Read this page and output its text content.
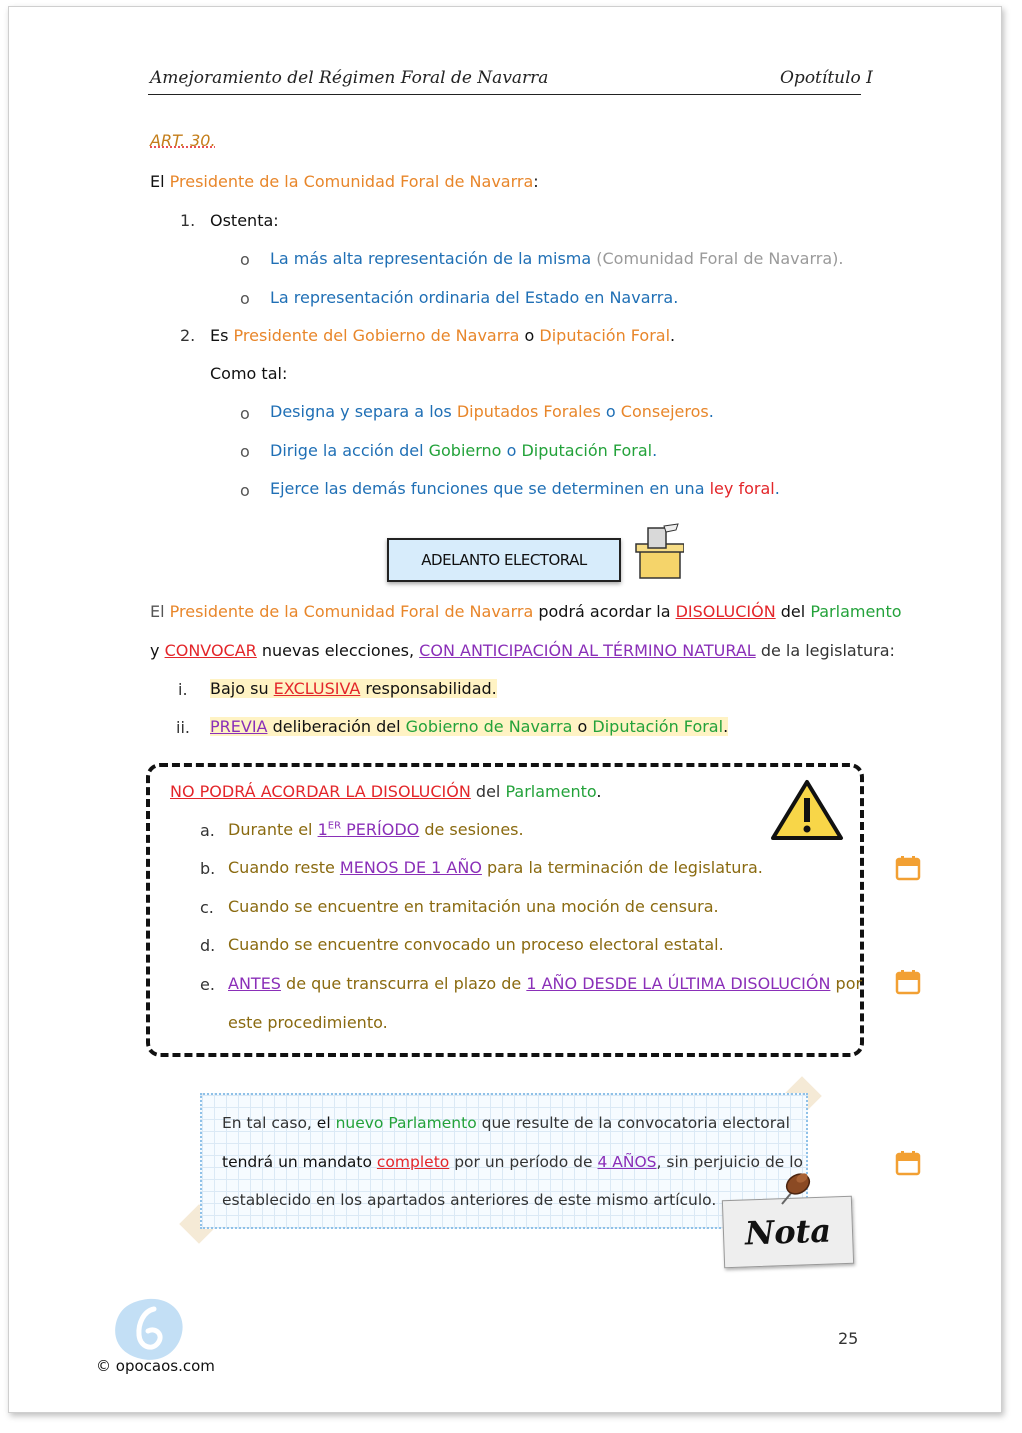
Amejoramiento del Régimen Foral de Navarra	Opotítulo I
ART. 30.
El Presidente de la Comunidad Foral de Navarra:
1. Ostenta:
o La más alta representación de la misma (Comunidad Foral de Navarra).
o La representación ordinaria del Estado en Navarra.
2. Es Presidente del Gobierno de Navarra o Diputación Foral.
Como tal:
o Designa y separa a los Diputados Forales o Consejeros.
o Dirige la acción del Gobierno o Diputación Foral.
o Ejerce las demás funciones que se determinen en una ley foral.
ADELANTO ELECTORAL
El Presidente de la Comunidad Foral de Navarra podrá acordar la DISOLUCIÓN del Parlamento
y CONVOCAR nuevas elecciones, CON ANTICIPACIÓN AL TÉRMINO NATURAL de la legislatura:
i. Bajo su EXCLUSIVA responsabilidad.
ii. PREVIA deliberación del Gobierno de Navarra o Diputación Foral.
NO PODRÁ ACORDAR LA DISOLUCIÓN del Parlamento.
a. Durante el 1ER PERÍODO de sesiones.
b. Cuando reste MENOS DE 1 AÑO para la terminación de legislatura.
c. Cuando se encuentre en tramitación una moción de censura.
d. Cuando se encuentre convocado un proceso electoral estatal.
e. ANTES de que transcurra el plazo de 1 AÑO DESDE LA ÚLTIMA DISOLUCIÓN por
este procedimiento.
En tal caso, el nuevo Parlamento que resulte de la convocatoria electoral
tendrá un mandato completo por un período de 4 AÑOS, sin perjuicio de lo
establecido en los apartados anteriores de este mismo artículo.
Nota
25
© opocaos.com
